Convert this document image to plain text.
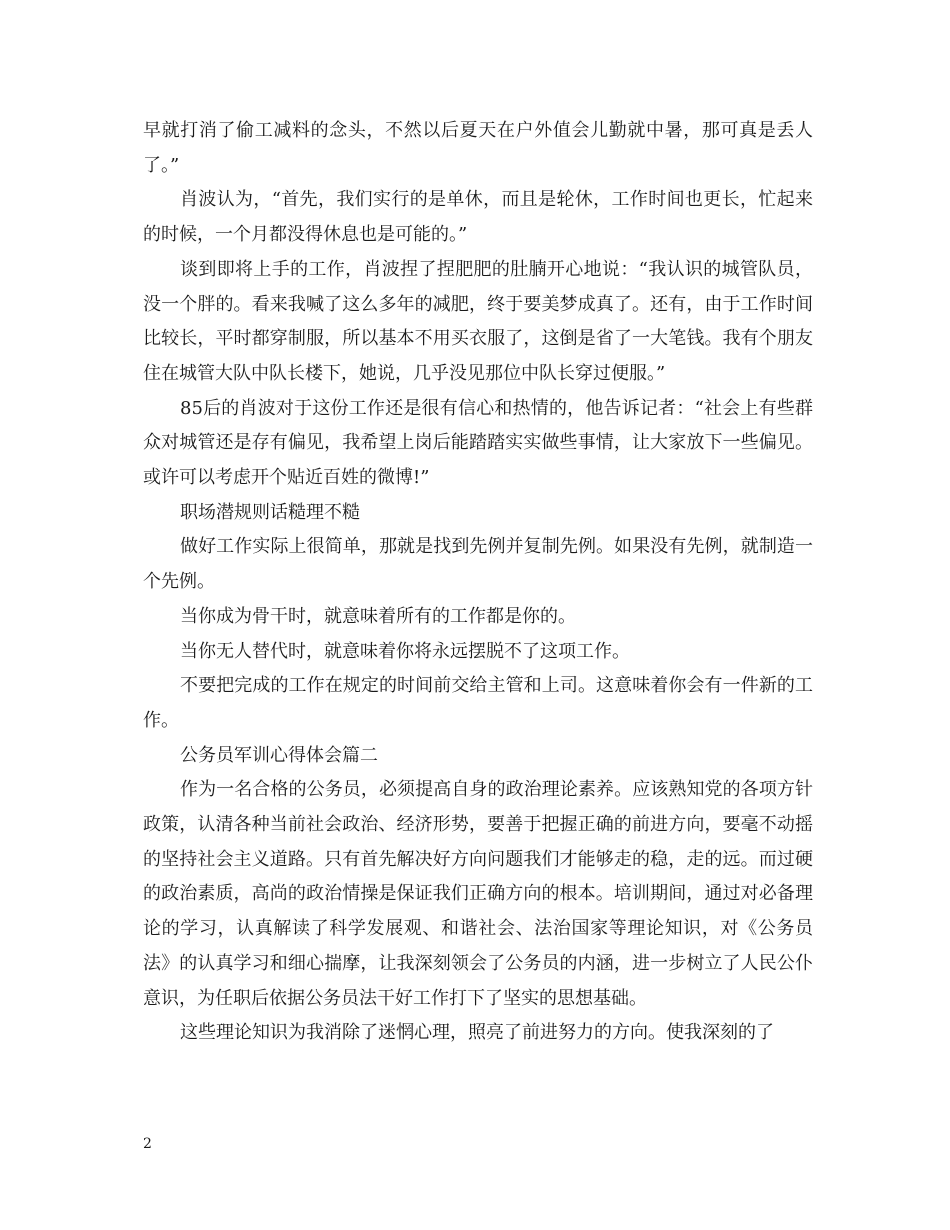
早就打消了偷工减料的念头，不然以后夏天在户外值会儿勤就中暑，那可真是丢人了。”

肖波认为，“首先，我们实行的是单休，而且是轮休，工作时间也更长，忙起来的时候，一个月都没得休息也是可能的。”

谈到即将上手的工作，肖波捏了捏肥肥的肚腩开心地说：“我认识的城管队员，没一个胖的。看来我喊了这么多年的减肥，终于要美梦成真了。还有，由于工作时间比较长，平时都穿制服，所以基本不用买衣服了，这倒是省了一大笔钱。我有个朋友住在城管大队中队长楼下，她说，几乎没见那位中队长穿过便服。”

85后的肖波对于这份工作还是很有信心和热情的，他告诉记者：“社会上有些群众对城管还是存有偏见，我希望上岗后能踏踏实实做些事情，让大家放下一些偏见。或许可以考虑开个贴近百姓的微博!”

职场潜规则话糙理不糙

做好工作实际上很简单，那就是找到先例并复制先例。如果没有先例，就制造一个先例。

当你成为骨干时，就意味着所有的工作都是你的。

当你无人替代时，就意味着你将永远摆脱不了这项工作。

不要把完成的工作在规定的时间前交给主管和上司。这意味着你会有一件新的工作。

公务员军训心得体会篇二

作为一名合格的公务员，必须提高自身的政治理论素养。应该熟知党的各项方针政策，认清各种当前社会政治、经济形势，要善于把握正确的前进方向，要毫不动摇的坚持社会主义道路。只有首先解决好方向问题我们才能够走的稳，走的远。而过硬的政治素质，高尚的政治情操是保证我们正确方向的根本。培训期间，通过对必备理论的学习，认真解读了科学发展观、和谐社会、法治国家等理论知识，对《公务员法》的认真学习和细心揣摩，让我深刻领会了公务员的内涵，进一步树立了人民公仆意识，为任职后依据公务员法干好工作打下了坚实的思想基础。

这些理论知识为我消除了迷惘心理，照亮了前进努力的方向。使我深刻的了

2
